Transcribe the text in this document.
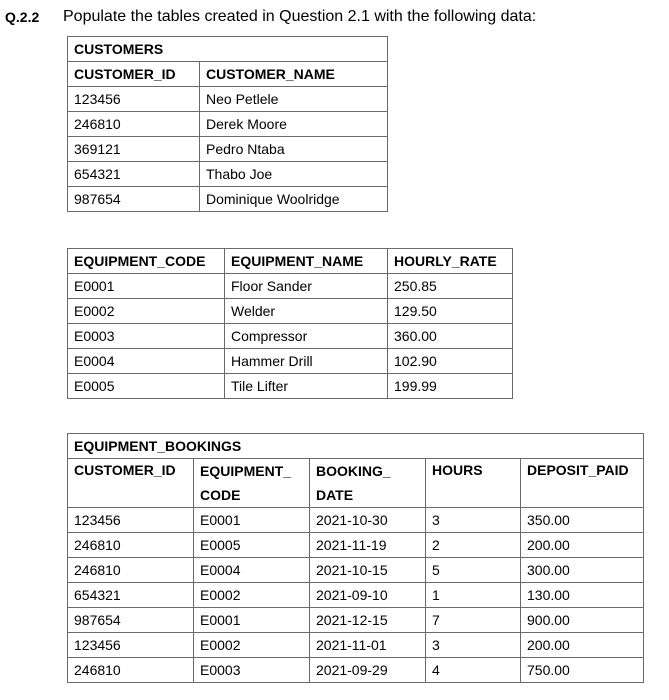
Q.2.2 Populate the tables created in Question 2.1 with the following data:
CUSTOMERS	
CUSTOMER_ID	CUSTOMER_NAME
123456	Neo Petlele
246810	Derek Moore
369121	Pedro Ntaba
654321	Thabo Joe
987654	Dominique Woolridge
EQUIPMENT_CODE	EQUIPMENT_NAME	HOURLY_RATE
E0001	Floor Sander	250.85
E0002	Welder	129.50
E0003	Compressor	360.00
E0004	Hammer Drill	102.90
E0005	Tile Lifter	199.99
EQUIPMENT_BOOKINGS				
CUSTOMER_ID	EQUIPMENT_	BOOKING_	HOURS	DEPOSIT_PAID
	CODE	DATE		
123456	E0001	2021-10-30	3	350.00
246810	E0005	2021-11-19	2	200.00
246810	E0004	2021-10-15	5	300.00
654321	E0002	2021-09-10	1	130.00
987654	E0001	2021-12-15	7	900.00
123456	E0002	2021-11-01	3	200.00
246810	E0003	2021-09-29	4	750.00
